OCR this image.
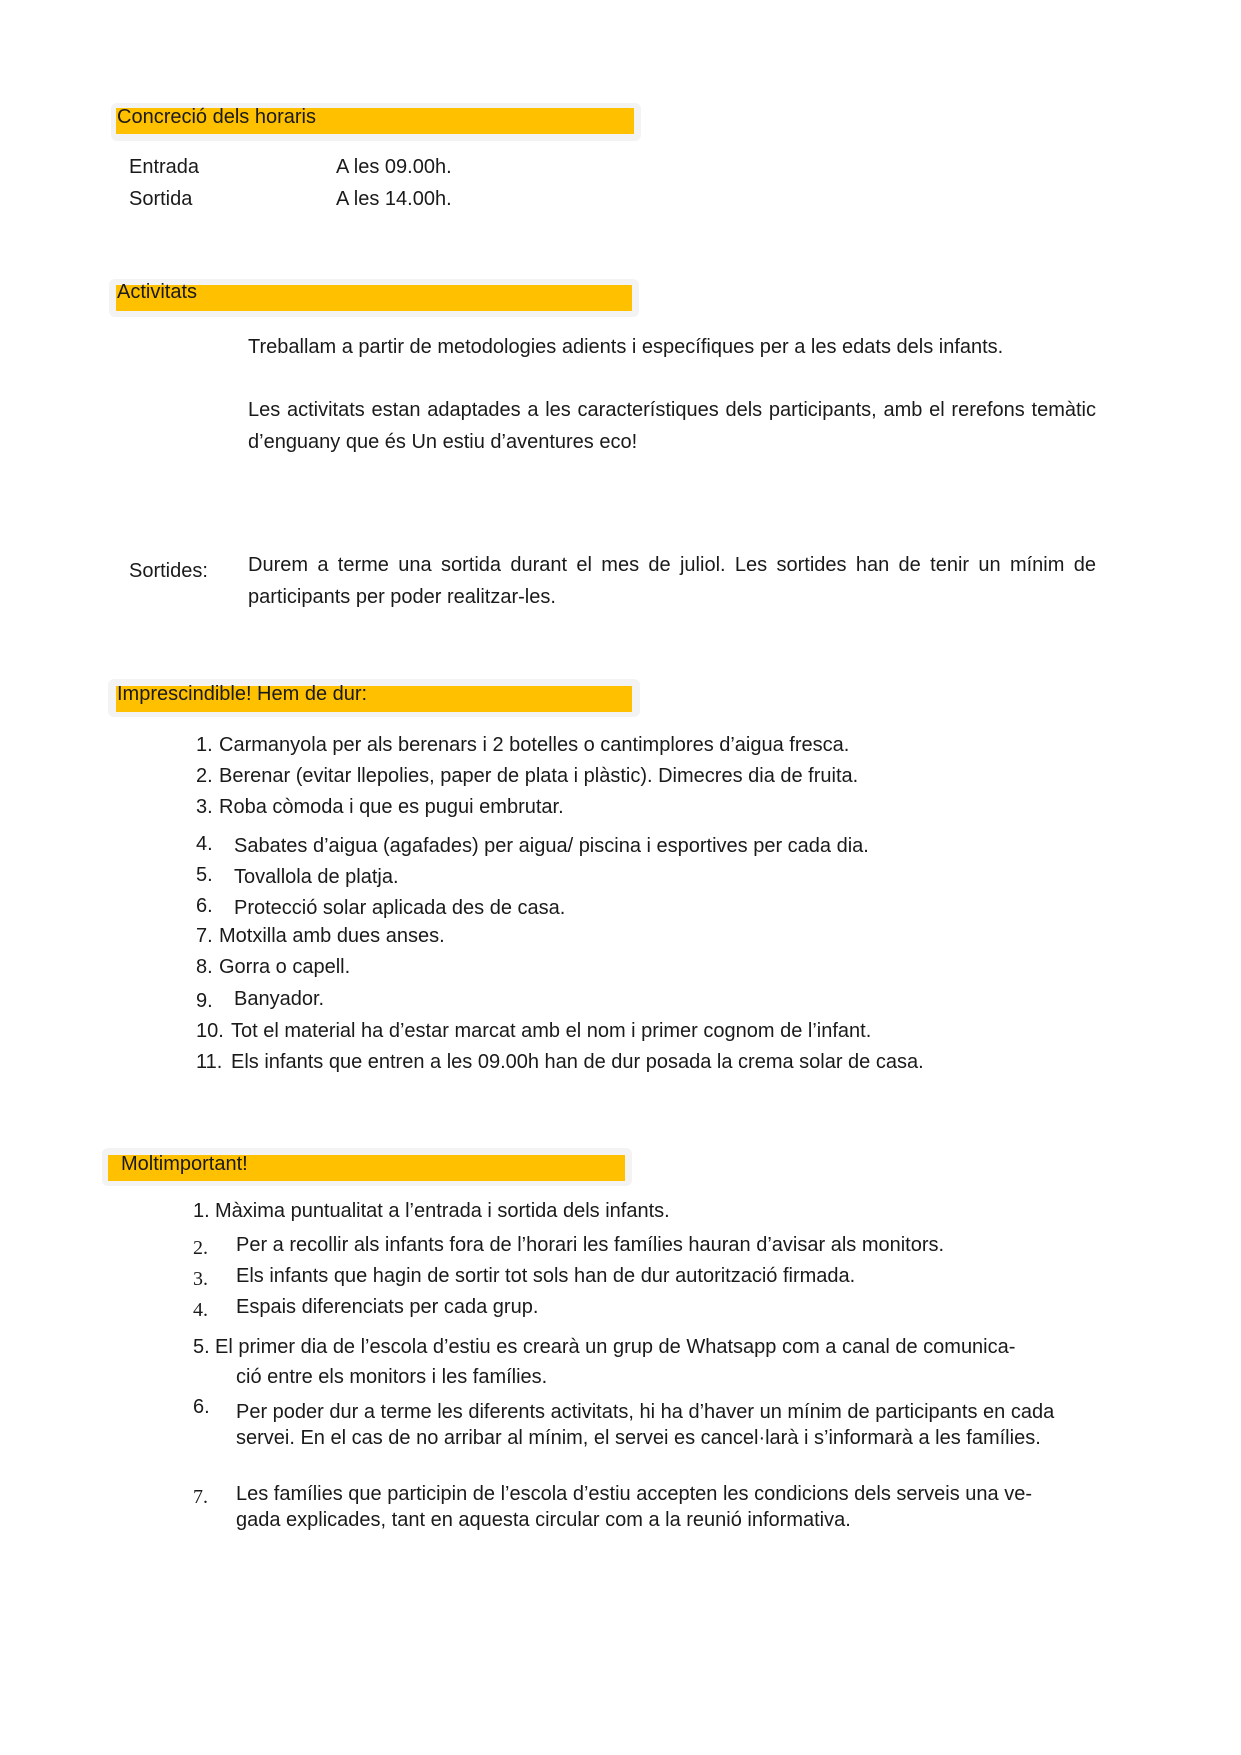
Concreció dels horaris
Entrada	A les 09.00h.
Sortida	A les 14.00h.
Activitats
Treballam a partir de metodologies adients i específiques per a les edats dels infants.
Les activitats estan adaptades a les característiques dels participants, amb el rerefons temàtic d’enguany que és Un estiu d’aventures eco!
Sortides: Durem a terme una sortida durant el mes de juliol. Les sortides han de tenir un mínim de participants per poder realitzar-les.
Imprescindible! Hem de dur:
1. Carmanyola per als berenars i 2 botelles o cantimplores d’aigua fresca.
2. Berenar (evitar llepolies, paper de plata i plàstic). Dimecres dia de fruita.
3. Roba còmoda i que es pugui embrutar.
4. Sabates d’aigua (agafades) per aigua/ piscina i esportives per cada dia.
5. Tovallola de platja.
6. Protecció solar aplicada des de casa.
7. Motxilla amb dues anses.
8. Gorra o capell.
9. Banyador.
10. Tot el material ha d’estar marcat amb el nom i primer cognom de l’infant.
11. Els infants que entren a les 09.00h han de dur posada la crema solar de casa.
Moltimportant!
1. Màxima puntualitat a l’entrada i sortida dels infants.
2. Per a recollir als infants fora de l’horari les famílies hauran d’avisar als monitors.
3. Els infants que hagin de sortir tot sols han de dur autorització firmada.
4. Espais diferenciats per cada grup.
5. El primer dia de l’escola d’estiu es crearà un grup de Whatsapp com a canal de comunica-
ció entre els monitors i les famílies.
6. Per poder dur a terme les diferents activitats, hi ha d’haver un mínim de participants en cada servei. En el cas de no arribar al mínim, el servei es cancel·larà i s’informarà a les famílies.
7. Les famílies que participin de l’escola d’estiu accepten les condicions dels serveis una ve-
gada explicades, tant en aquesta circular com a la reunió informativa.
